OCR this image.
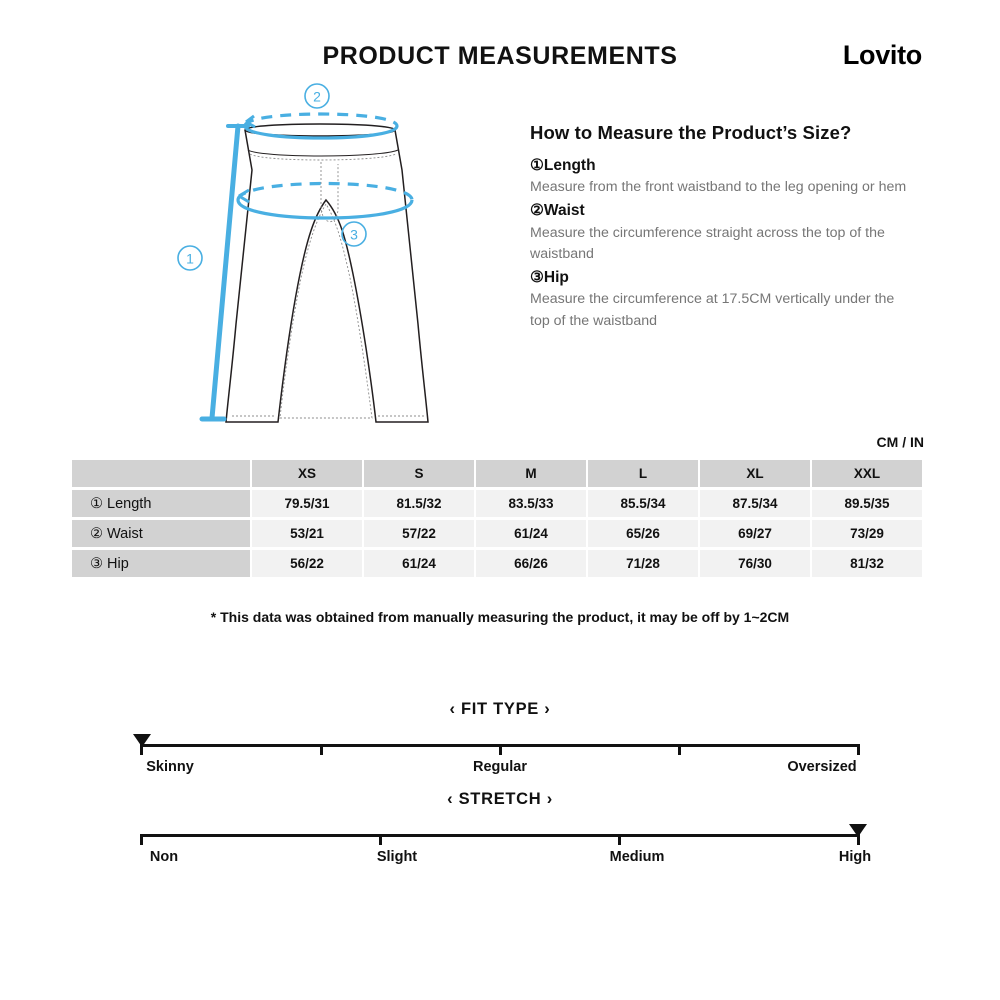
PRODUCT MEASUREMENTS	Lovito
2
3
1
How to Measure the Product’s Size?
①Length
Measure from the front waistband to the leg opening or hem
②Waist
Measure the circumference straight across the top of the waistband
③Hip
Measure the circumference at 17.5CM vertically under the top of the waistband
CM / IN
	XS	S	M	L	XL	XXL
① Length	79.5/31	81.5/32	83.5/33	85.5/34	87.5/34	89.5/35
② Waist	53/21	57/22	61/24	65/26	69/27	73/29
③ Hip	56/22	61/24	66/26	71/28	76/30	81/32
* This data was obtained from manually measuring the product, it may be off by 1~2CM
‹ FIT TYPE ›
Skinny	Regular	Oversized
‹ STRETCH ›
Non	Slight	Medium	High
